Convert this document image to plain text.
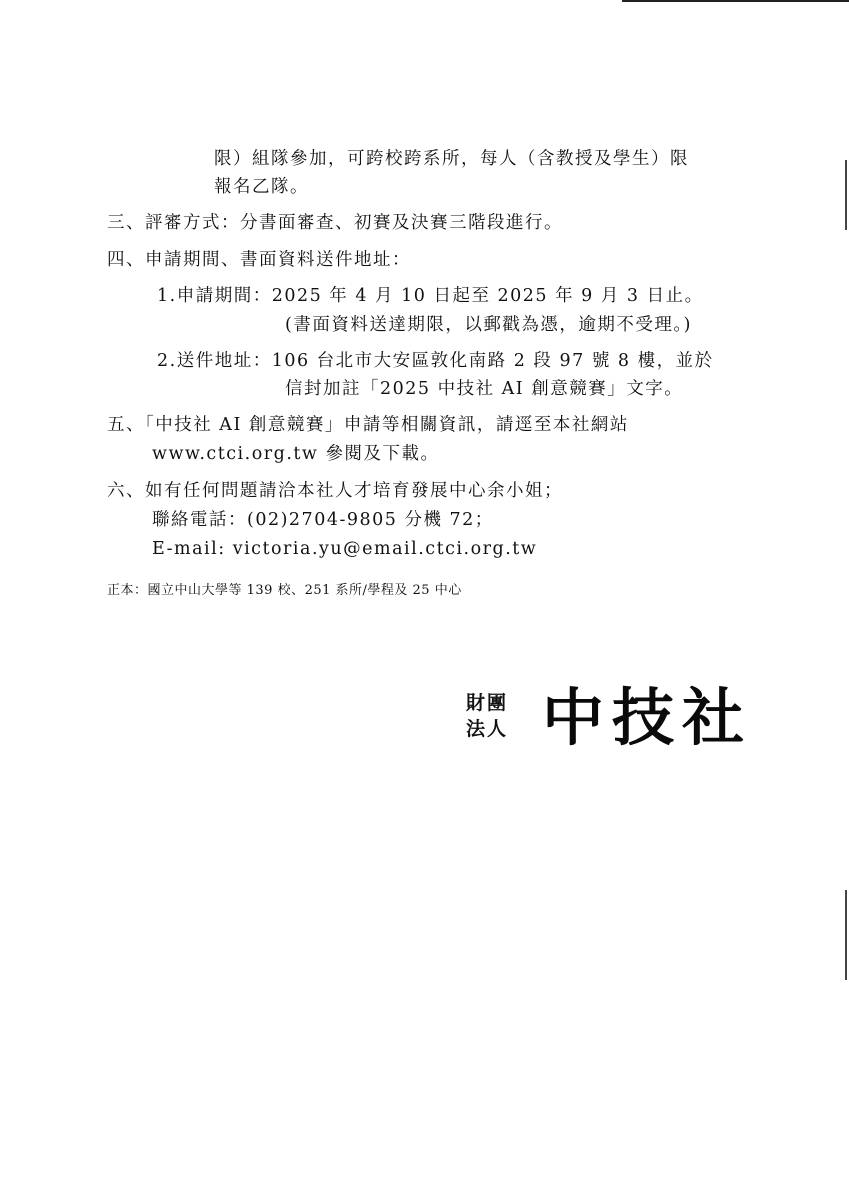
限）組隊參加，可跨校跨系所，每人（含教授及學生）限
報名乙隊。
三、評審方式：分書面審查、初賽及決賽三階段進行。
四、申請期間、書面資料送件地址：
1.申請期間：2025 年 4 月 10 日起至 2025 年 9 月 3 日止。
(書面資料送達期限，以郵戳為憑，逾期不受理。)
2.送件地址：106 台北市大安區敦化南路 2 段 97 號 8 樓，並於
信封加註「2025 中技社 AI 創意競賽」文字。
五、「中技社 AI 創意競賽」申請等相關資訊，請逕至本社網站
www.ctci.org.tw 參閱及下載。
六、如有任何問題請洽本社人才培育發展中心余小姐；
聯絡電話：(02)2704-9805 分機 72；
E-mail: victoria.yu@email.ctci.org.tw
正本：國立中山大學等 139 校、251 系所/學程及 25 中心
財團
法人 中技社
